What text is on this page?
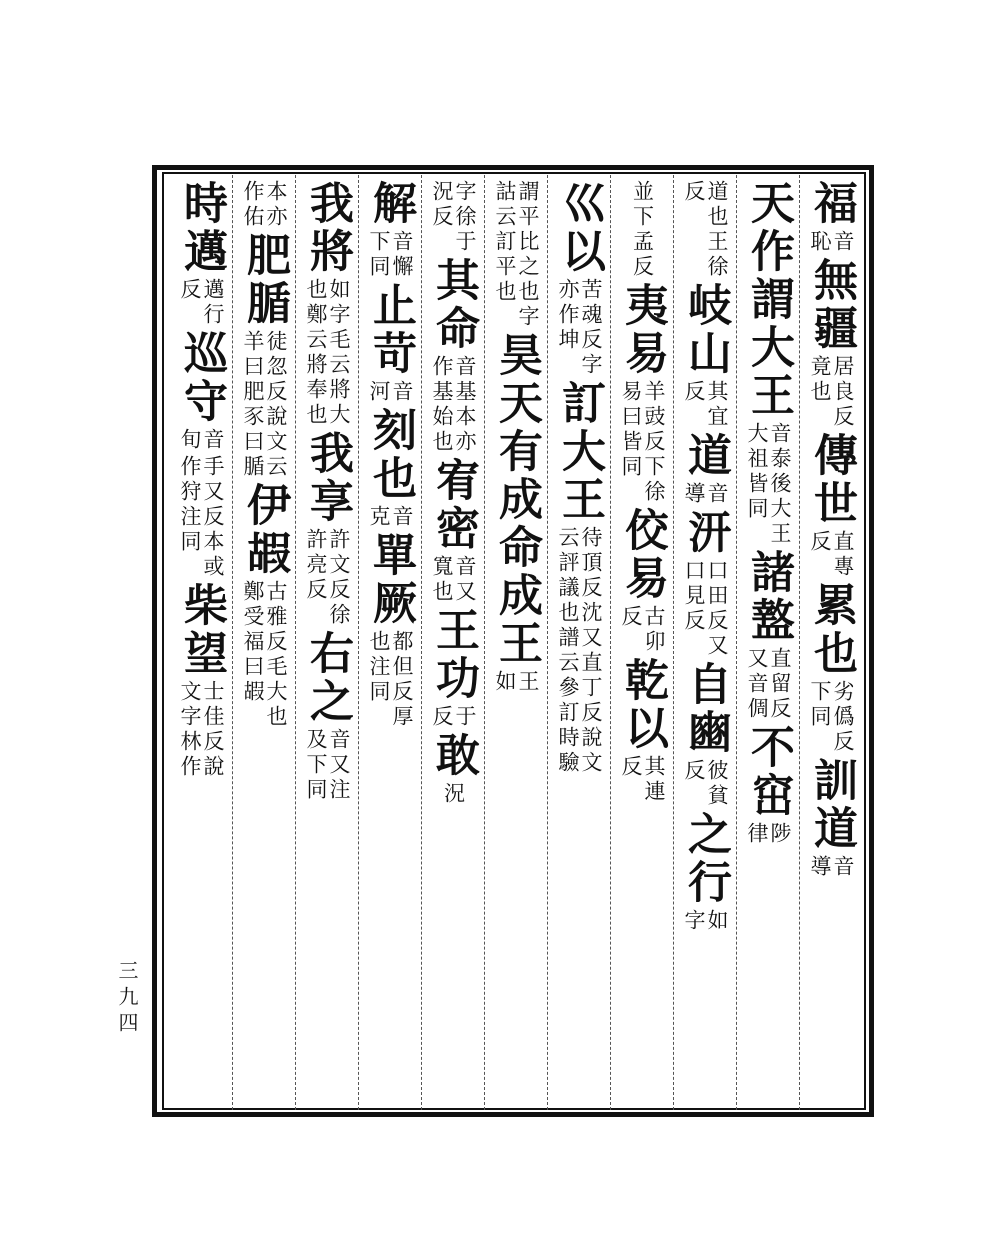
三九四
福
音
恥
無疆
居良反
竟也
傳世
直專
反
累也
劣僞反
下同
訓道
音
導
天作謂大王
音泰後大王
大祖皆同
諸盩
直留反
又音倜
不窋
陟
律
道也王徐
反
岐山
其宜
反
道
音
導
汧
口田反又
口見反
自豳
彼貧
反
之行
如
字
並下孟反
夷易
羊豉反下徐
易曰皆同
佼易
古卯
反
乾以
其連
反
巛以
苦魂反字
亦作坤
訂大王
待頂反沈又直丁反說文
云評議也譜云參訂時驗
謂平比之也字
詁云訂平也
昊天有成命成王
王
如
字徐于
況反
其命
音基本亦
作基始也
宥密
音又
寬也
王功
于
反
敢
況
解
音懈
下同
止苛
音
河
刻也
音
克
單厥
都但反厚
也注同
我將
如字毛云將大
也鄭云將奉也
我享
許文反徐
許亮反
右之
音又注
及下同
本亦
作佑
肥腯
徒忽反說文云
羊曰肥豕曰腯
伊嘏
古雅反毛大也
鄭受福曰嘏
時邁
邁行
反
巡守
音
旬
手又反本或
作狩注同
柴望
士佳反說
文字林作
